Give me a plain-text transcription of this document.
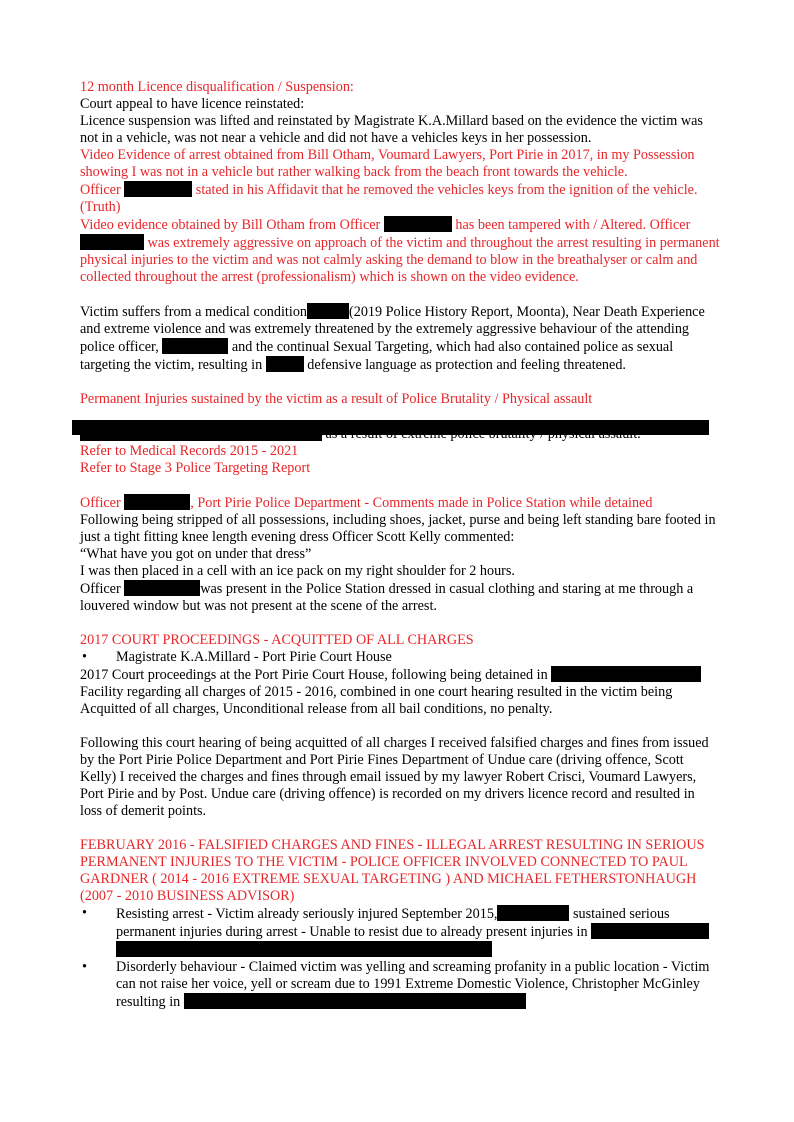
12 month Licence disqualification / Suspension:

Court appeal to have licence reinstated:

Licence suspension was lifted and reinstated by Magistrate K.A.Millard based on the evidence the victim was not in a vehicle, was not near a vehicle and did not have a vehicles keys in her possession.

Video Evidence of arrest obtained from Bill Otham, Voumard Lawyers, Port Pirie in 2017, in my Possession showing I was not in a vehicle but rather walking back from the beach front towards the vehicle.

Officer	stated in his Affidavit that he removed the vehicles keys from the ignition of the vehicle.(Truth)

Video evidence obtained by Bill Otham from Officer	has been tampered with / Altered. Officer  was extremely aggressive on approach of the victim and throughout the arrest resulting in permanent physical injuries to the victim and was not calmly asking the demand to blow in the breathalyser or calm and collected throughout the arrest (professionalism) which is shown on the video evidence.

Victim suffers from a medical condition	(2019 Police History Report, Moonta), Near Death Experience and extreme violence and was extremely threatened by the extremely aggressive behaviour of the attending police officer,	and the continual Sexual Targeting, which had also contained police as sexual targeting the victim, resulting in	defensive language as protection and feeling threatened.

Permanent Injuries sustained by the victim as a result of Police Brutality / Physical assault

Refer to Medical Records 2015 - 2021

Refer to Stage 3 Police Targeting Report

Officer	, Port Pirie Police Department - Comments made in Police Station while detained

Following being stripped of all possessions, including shoes, jacket, purse and being left standing bare footed in just a tight fitting knee length evening dress Officer Scott Kelly commented:

“What have you got on under that dress”

I was then placed in a cell with an ice pack on my right shoulder for 2 hours.

Officer	was present in the Police Station dressed in casual clothing and staring at me through a louvered window but was not present at the scene of the arrest.

2017 COURT PROCEEDINGS - ACQUITTED OF ALL CHARGES

• Magistrate K.A.Millard - Port Pirie Court House

2017 Court proceedings at the Port Pirie Court House, following being detained in  Facility regarding all charges of 2015 - 2016, combined in one court hearing resulted in the victim being Acquitted of all charges, Unconditional release from all bail conditions, no penalty.

Following this court hearing of being acquitted of all charges I received falsified charges and fines from issued by the Port Pirie Police Department and Port Pirie Fines Department of Undue care (driving offence, Scott Kelly) I received the charges and fines through email issued by my lawyer Robert Crisci, Voumard Lawyers, Port Pirie and by Post. Undue care (driving offence) is recorded on my drivers licence record and resulted in loss of demerit points.

FEBRUARY 2016 - FALSIFIED CHARGES AND FINES - ILLEGAL ARREST RESULTING IN SERIOUS PERMANENT INJURIES TO THE VICTIM - POLICE OFFICER INVOLVED CONNECTED TO PAUL GARDNER ( 2014 - 2016 EXTREME SEXUAL TARGETING ) AND MICHAEL FETHERSTONHAUGH (2007 - 2010 BUSINESS ADVISOR)

• Resisting arrest - Victim already seriously injured September 2015,	sustained serious permanent injuries during arrest - Unable to resist due to already present injuries in

• Disorderly behaviour - Claimed victim was yelling and screaming profanity in a public location - Victim can not raise her voice, yell or scream due to 1991 Extreme Domestic Violence, Christopher McGinley resulting in
